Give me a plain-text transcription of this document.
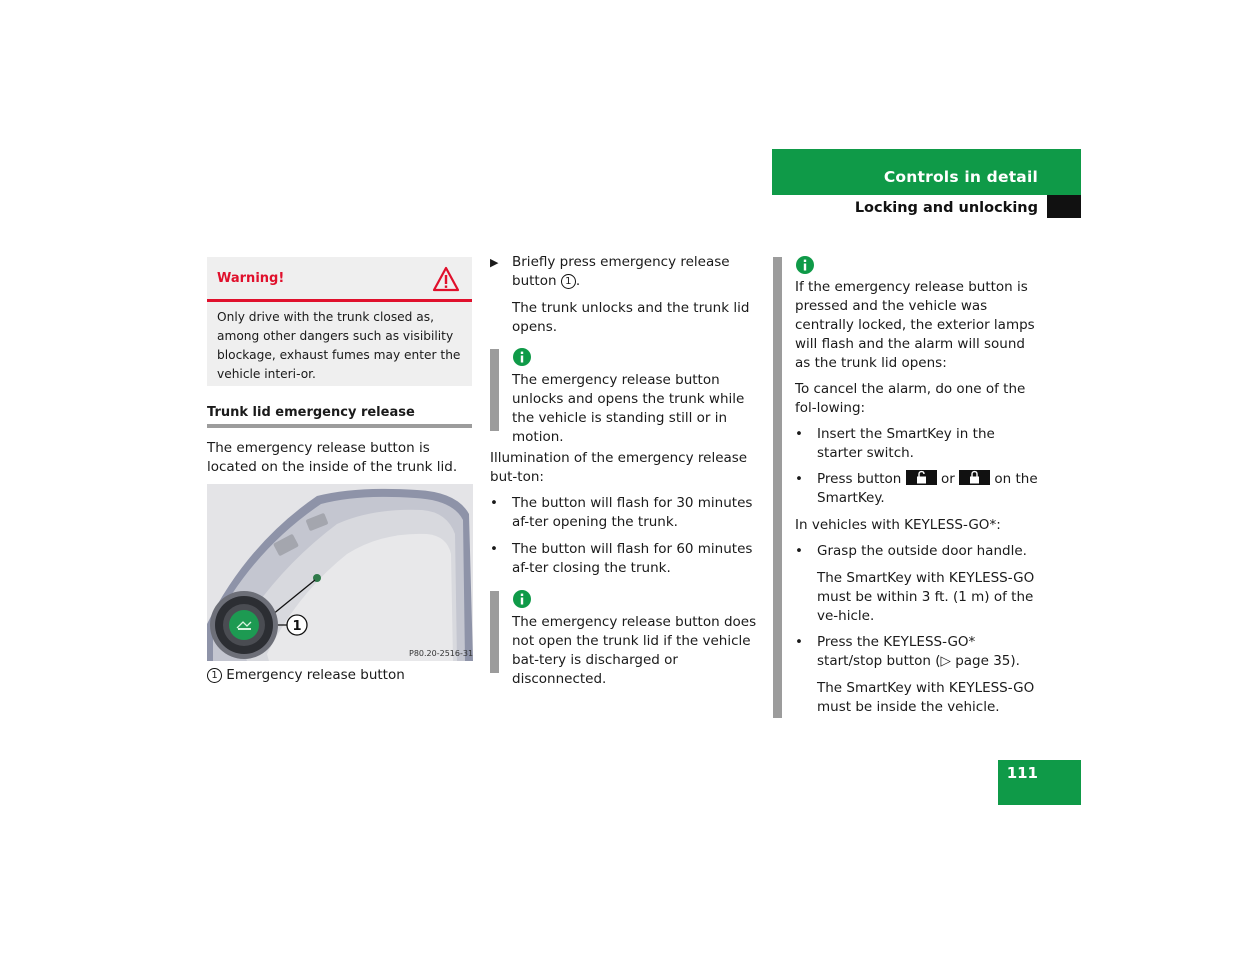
Controls in detail
Locking and unlocking
Warning!
Only drive with the trunk closed as, among other dangers such as visibility blockage, exhaust fumes may enter the vehicle interi-or.
Trunk lid emergency release
The emergency release button is located on the inside of the trunk lid.
1
P80.20-2516-31
1 Emergency release button
▶ Briefly press emergency release button 1 .
The trunk unlocks and the trunk lid opens.
The emergency release button unlocks and opens the trunk while the vehicle is standing still or in motion.
Illumination of the emergency release but-ton:
• The button will flash for 30 minutes af-ter opening the trunk.
• The button will flash for 60 minutes af-ter closing the trunk.
The emergency release button does not open the trunk lid if the vehicle bat-tery is discharged or disconnected.
If the emergency release button is pressed and the vehicle was centrally locked, the exterior lamps will flash and the alarm will sound as the trunk lid opens:
To cancel the alarm, do one of the fol-lowing:
• Insert the SmartKey in the starter switch.
• Press button	or	on the SmartKey.
In vehicles with KEYLESS-GO*:
• Grasp the outside door handle.
The SmartKey with KEYLESS-GO must be within 3 ft. (1 m) of the ve-hicle.
• Press the KEYLESS-GO* start/stop button (▷ page 35).
The SmartKey with KEYLESS-GO must be inside the vehicle.
111
